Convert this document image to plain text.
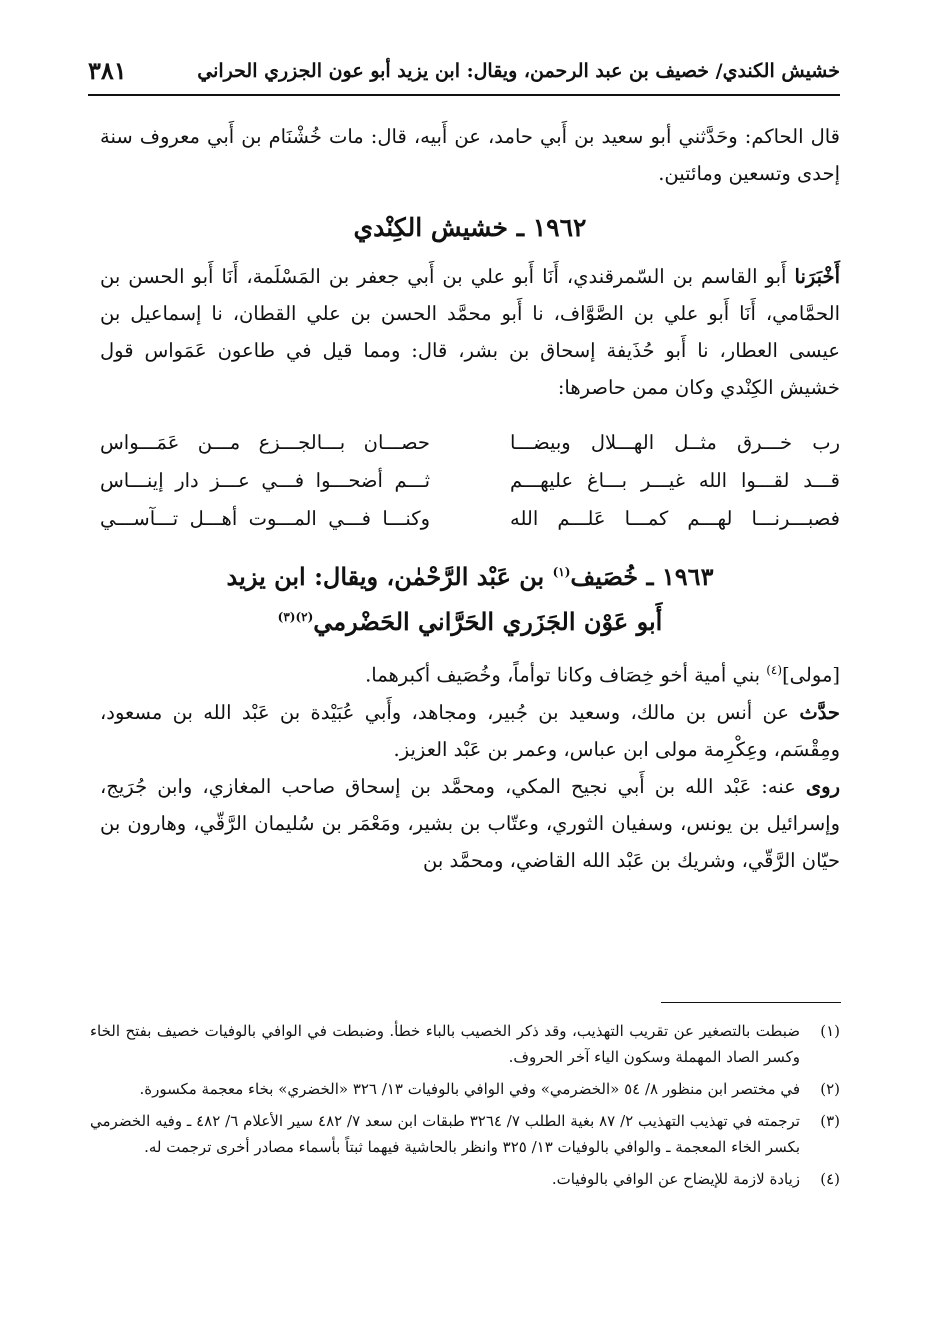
خشيش الكندي/ خصيف بن عبد الرحمن، ويقال: ابن يزيد أبو عون الجزري الحراني
٣٨١

قال الحاكم: وحَدَّثني أبو سعيد بن أَبي حامد، عن أَبيه، قال: مات خُشْنَام بن أَبي معروف سنة إحدى وتسعين ومائتين.

١٩٦٢ ـ خشيش الكِنْدي

أَخْبَرَنا أَبو القاسم بن السّمرقندي، أَنَا أَبو علي بن أَبي جعفر بن المَسْلَمة، أَنَا أَبو الحسن بن الحمَّامي، أَنَا أَبو علي بن الصَّوَّاف، نا أَبو محمَّد الحسن بن علي القطان، نا إسماعيل بن عيسى العطار، نا أَبو حُذَيفة إسحاق بن بشر، قال: ومما قيل في طاعون عَمَواس قول خشيش الكِنْدي وكان ممن حاصرها:

رب خـــرق مثــل الهـــلال وبيضـــا
حصـــان بـــالجـــزع مـــن عَمَـــواس
قـــد لقـــوا الله غيـــر بـــاغ عليهـــم
ثـــم أضحـــوا فـــي عـــز دار إينـــاس
فصبـــرنـــا لهـــم كمـــا عَلـــم الله
وكنـــا فـــي المـــوت أهـــل تـــآســـي
١٩٦٣ ـ خُصَيف$^{(١)}$ بن عَبْد الرَّحْمٰن، ويقال: ابن يزيد
أَبو عَوْن الجَزَري الحَرَّاني الحَضْرمي$^{(٢)(٣)}$

[مولى]$^{(٤)}$ بني أمية أخو خِصَاف وكانا توأماً، وخُصَيف أكبرهما.

حدَّث عن أنس بن مالك، وسعيد بن جُبير، ومجاهد، وأَبي عُبَيْدة بن عَبْد الله بن مسعود، ومِقْسَم، وعِكْرِمة مولى ابن عباس، وعمر بن عَبْد العزيز.

روى عنه: عَبْد الله بن أَبي نجيح المكي، ومحمَّد بن إسحاق صاحب المغازي، وابن جُرَيج، وإسرائيل بن يونس، وسفيان الثوري، وعتّاب بن بشير، ومَعْمَر بن سُليمان الرَّقّي، وهارون بن حيّان الرَّقّي، وشريك بن عَبْد الله القاضي، ومحمَّد بن

(١)
ضبطت بالتصغير عن تقريب التهذيب، وقد ذكر الخصيب بالباء خطأ. وضبطت في الوافي بالوفيات خصيف بفتح الخاء وكسر الصاد المهملة وسكون الياء آخر الحروف.
(٢)
في مختصر ابن منظور ٨/ ٥٤ «الخضرمي» وفي الوافي بالوفيات ١٣/ ٣٢٦ «الخضري» بخاء معجمة مكسورة.
(٣)
ترجمته في تهذيب التهذيب ٢/ ٨٧ بغية الطلب ٧/ ٣٢٦٤ طبقات ابن سعد ٧/ ٤٨٢ سير الأعلام ٦/ ٤٨٢ ـ وفيه الخضرمي بكسر الخاء المعجمة ـ والوافي بالوفيات ١٣/ ٣٢٥ وانظر بالحاشية فيهما ثبتاً بأسماء مصادر أخرى ترجمت له.
(٤)
زيادة لازمة للإيضاح عن الوافي بالوفيات.
